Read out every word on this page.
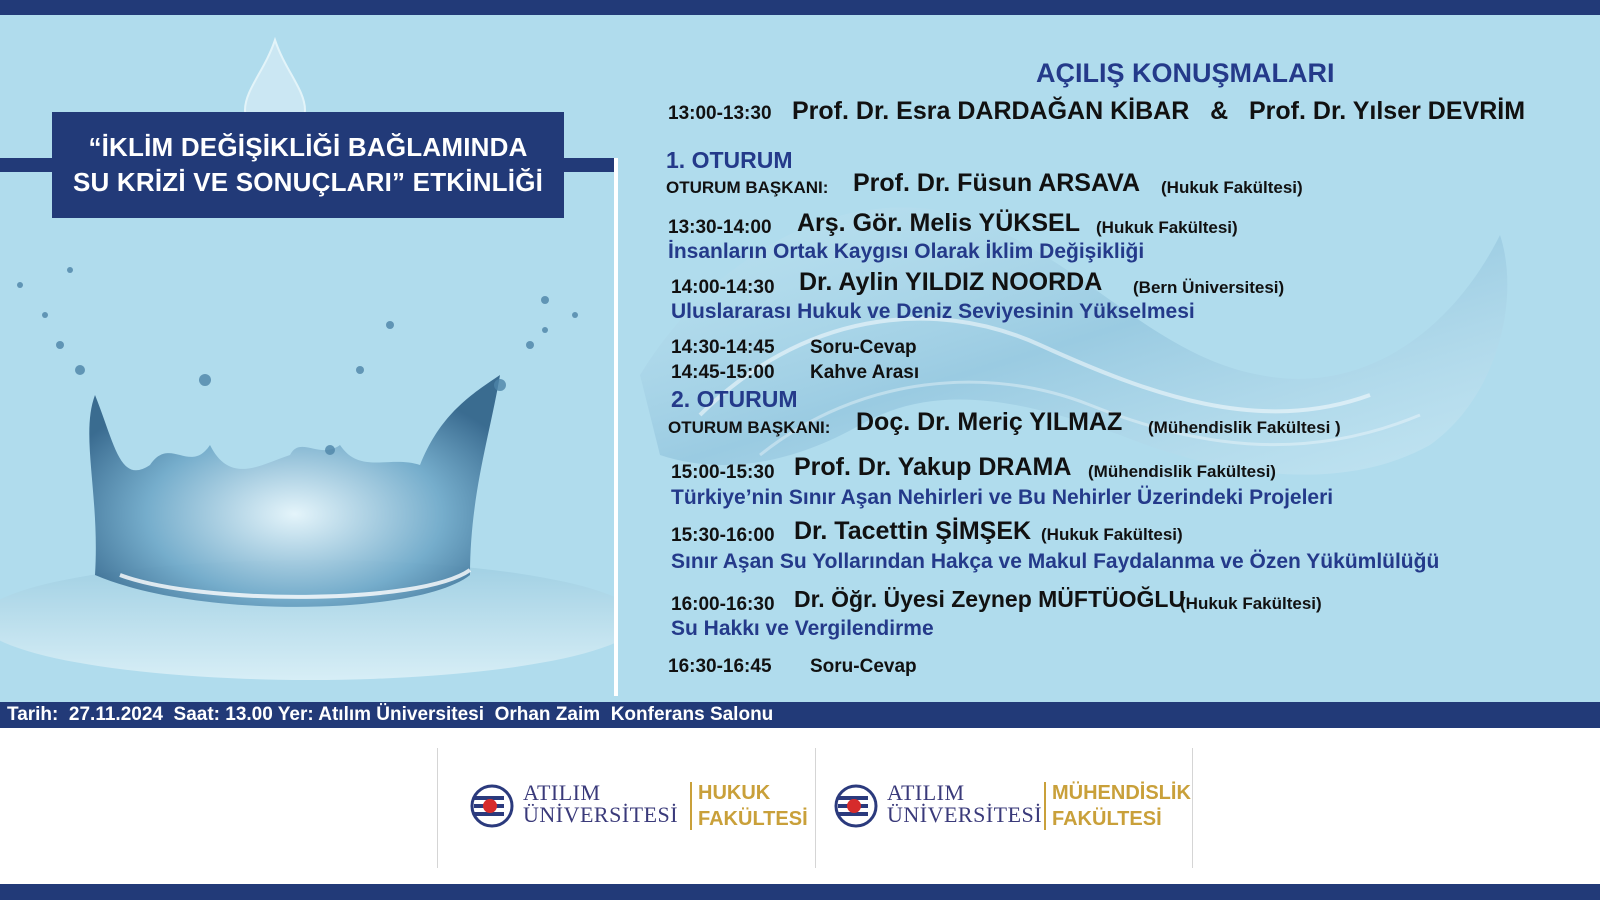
“İKLİM DEĞİŞİKLİĞİ BAĞLAMINDA
SU KRİZİ VE SONUÇLARI” ETKİNLİĞİ
AÇILIŞ KONUŞMALARI
13:00-13:30 Prof. Dr. Esra DARDAĞAN KİBAR   &   Prof. Dr. Yılser DEVRİM
1. OTURUM
OTURUM BAŞKANI: Prof. Dr. Füsun ARSAVA (Hukuk Fakültesi)
13:30-14:00 Arş. Gör. Melis YÜKSEL (Hukuk Fakültesi)
İnsanların Ortak Kaygısı Olarak İklim Değişikliği
14:00-14:30 Dr. Aylin YILDIZ NOORDA (Bern Üniversitesi)
Uluslararası Hukuk ve Deniz Seviyesinin Yükselmesi
14:30-14:45 Soru-Cevap
14:45-15:00 Kahve Arası
2. OTURUM
OTURUM BAŞKANI: Doç. Dr. Meriç YILMAZ (Mühendislik Fakültesi )
15:00-15:30 Prof. Dr. Yakup DRAMA (Mühendislik Fakültesi)
Türkiye’nin Sınır Aşan Nehirleri ve Bu Nehirler Üzerindeki Projeleri
15:30-16:00 Dr. Tacettin ŞİMŞEK (Hukuk Fakültesi)
Sınır Aşan Su Yollarından Hakça ve Makul Faydalanma ve Özen Yükümlülüğü
16:00-16:30 Dr. Öğr. Üyesi Zeynep MÜFTÜOĞLU
(Hukuk Fakültesi)
Su Hakkı ve Vergilendirme
16:30-16:45 Soru-Cevap
Tarih:  27.11.2024  Saat: 13.00 Yer: Atılım Üniversitesi  Orhan Zaim  Konferans Salonu
ATILIM
ÜNİVERSİTESİ
HUKUK
FAKÜLTESİ
ATILIM
ÜNİVERSİTESİ
MÜHENDİSLİK
FAKÜLTESİ
